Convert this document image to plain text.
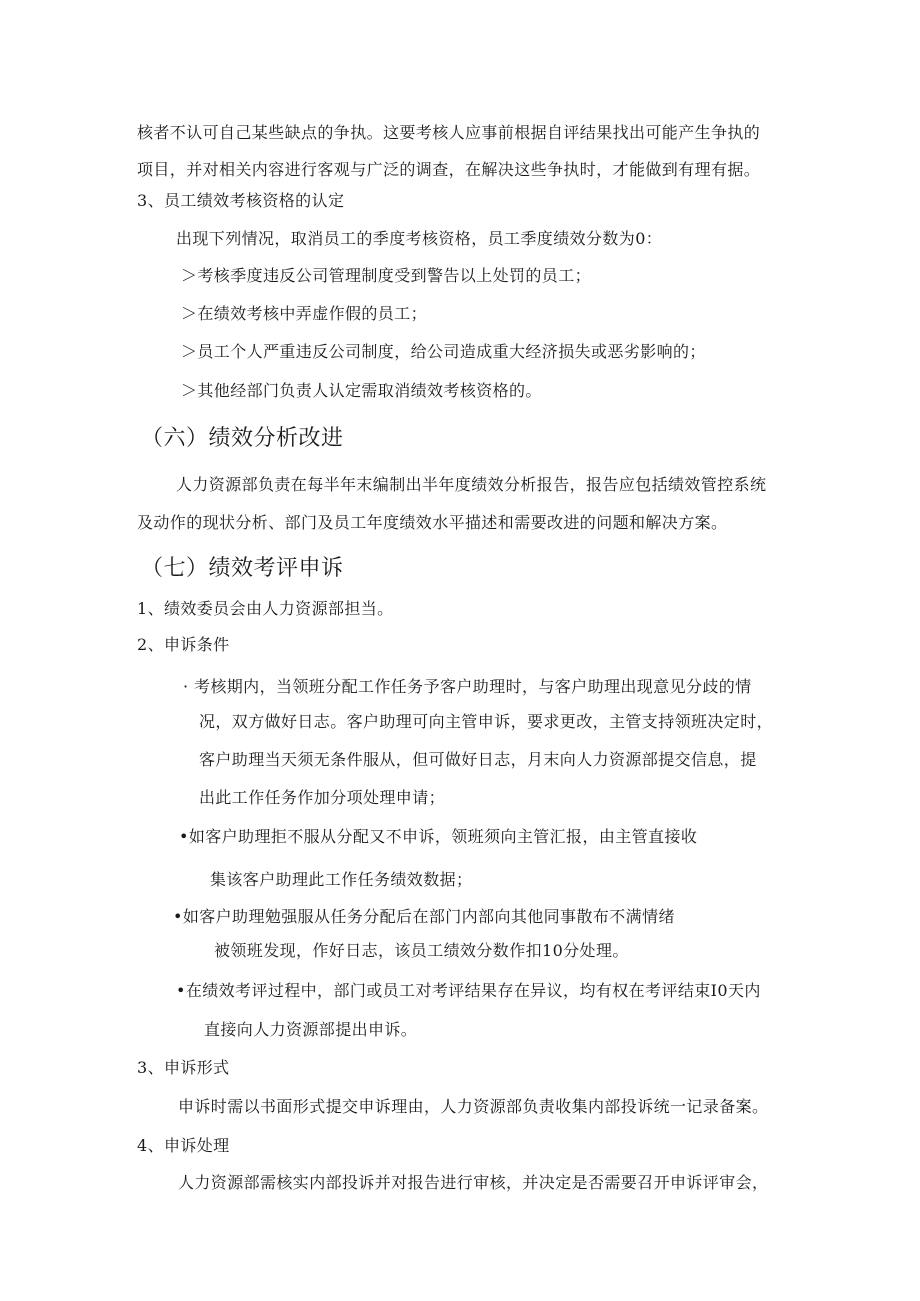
核者不认可自己某些缺点的争执。这要考核人应事前根据自评结果找出可能产生争执的
项目，并对相关内容进行客观与广泛的调查，在解决这些争执时，才能做到有理有据。
3、员工绩效考核资格的认定
出现下列情况，取消员工的季度考核资格，员工季度绩效分数为0：
＞考核季度违反公司管理制度受到警告以上处罚的员工；
＞在绩效考核中弄虚作假的员工；
＞员工个人严重违反公司制度，给公司造成重大经济损失或恶劣影响的；
＞其他经部门负责人认定需取消绩效考核资格的。
（六）绩效分析改进
人力资源部负责在每半年末编制出半年度绩效分析报告，报告应包括绩效管控系统
及动作的现状分析、部门及员工年度绩效水平描述和需要改进的问题和解决方案。
（七）绩效考评申诉
1、绩效委员会由人力资源部担当。
2、申诉条件
· 考核期内，当领班分配工作任务予客户助理时，与客户助理出现意见分歧的情
况，双方做好日志。客户助理可向主管申诉，要求更改，主管支持领班决定时，
客户助理当天须无条件服从，但可做好日志，月末向人力资源部提交信息，提
出此工作任务作加分项处理申请；
•如客户助理拒不服从分配又不申诉，领班须向主管汇报，由主管直接收
集该客户助理此工作任务绩效数据；
•如客户助理勉强服从任务分配后在部门内部向其他同事散布不满情绪
被领班发现，作好日志，该员工绩效分数作扣10分处理。
•在绩效考评过程中，部门或员工对考评结果存在异议，均有权在考评结束I0天内
直接向人力资源部提出申诉。
3、申诉形式
申诉时需以书面形式提交申诉理由，人力资源部负责收集内部投诉统一记录备案。
4、申诉处理
人力资源部需核实内部投诉并对报告进行审核，并决定是否需要召开申诉评审会，
